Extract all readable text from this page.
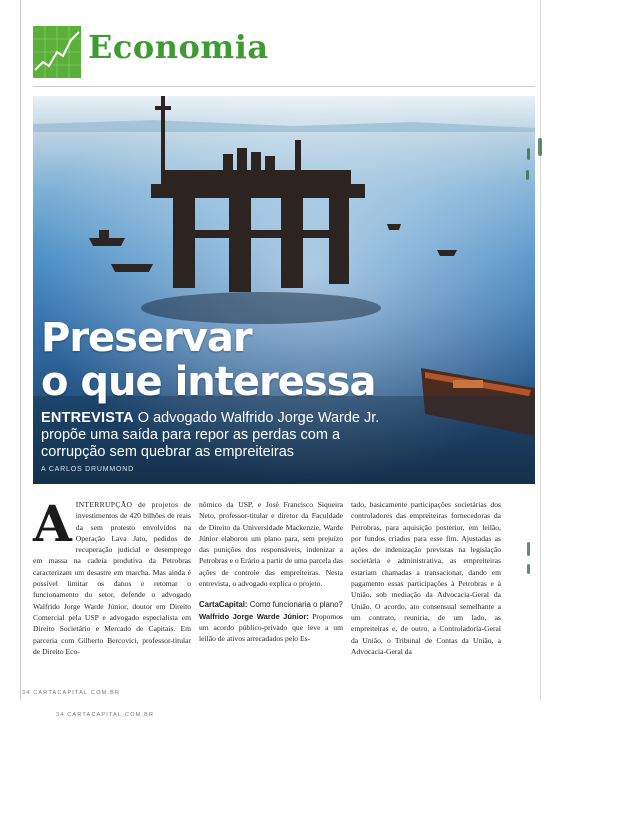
Economia
Preservar
o que interessa
ENTREVISTA O advogado Walfrido Jorge Warde Jr. propõe uma saída para repor as perdas com a corrupção sem quebrar as empreiteiras
A CARLOS DRUMMOND
A INTERRUPÇÃO de projetos de investimentos de 420 bilhões de reais da sem protesto envolvidos na Operação Lava Jato, pedidos de recuperação judicial e desemprego em massa na cadeia produtiva da Petrobras caracterizam um desastre em marcha. Mas ainda é possível limitar os danos e retomar o funcionamento do setor, defende o advogado Walfrido Jorge Warde Júnior, doutor em Direito Comercial pela USP e advogado especialista em Direito Societário e Mercado de Capitais. Em parceria com Gilberto Bercovici, professor-titular de Direito Eco-

nômico da USP, e José Francisco Siqueira Neto, professor-titular e diretor da Faculdade de Direito da Universidade Mackenzie, Warde Júnior elaborou um plano para, sem prejuízo das punições dos responsáveis, indenizar a Petrobras e o Erário a partir de uma parcela das ações de controle das empreiteiras. Nesta entrevista, o advogado explica o projeto.

CartaCapital: Como funcionaria o plano?

Walfrido Jorge Warde Júnior: Propomos um acordo público-privado que leve a um leilão de ativos arrecadados pelo Es-

tado, basicamente participações societárias dos controladores das empreiteiras fornecedoras da Petrobras, para aquisição posterior, em leilão, por fundos criados para esse fim. Ajustadas as ações de indenização previstas na legislação societária e administrativa, as empreiteiras estariam chamadas a transacionar, dando em pagamento essas participações à Petrobras e à União, sob mediação da Advocacia-Geral da União. O acordo, ato consensual semelhante a um contrato, reuniria, de um lado, as empreiteiras e, de outro, a Controladoria-Geral da União, o Tribunal de Contas da União, a Advocacia-Geral da

34 CARTACAPITAL.COM.BR
34 CARTACAPITAL.COM.BR
